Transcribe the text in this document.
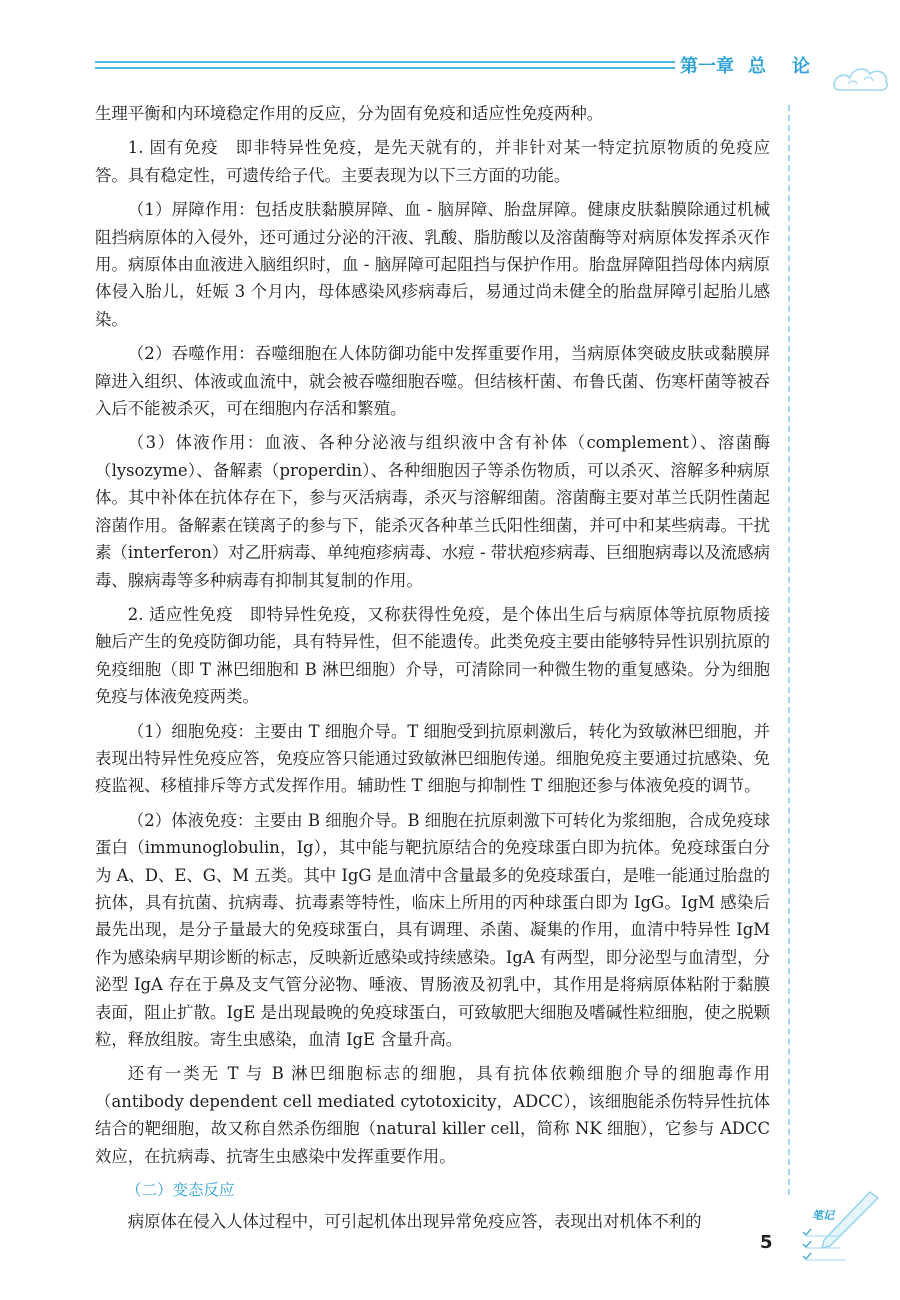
第一章 总 论

生理平衡和内环境稳定作用的反应，分为固有免疫和适应性免疫两种。

1. 固有免疫　即非特异性免疫，是先天就有的，并非针对某一特定抗原物质的免疫应答。具有稳定性，可遗传给子代。主要表现为以下三方面的功能。

（1）屏障作用：包括皮肤黏膜屏障、血 - 脑屏障、胎盘屏障。健康皮肤黏膜除通过机械阻挡病原体的入侵外，还可通过分泌的汗液、乳酸、脂肪酸以及溶菌酶等对病原体发挥杀灭作用。病原体由血液进入脑组织时，血 - 脑屏障可起阻挡与保护作用。胎盘屏障阻挡母体内病原体侵入胎儿，妊娠 3 个月内，母体感染风疹病毒后，易通过尚未健全的胎盘屏障引起胎儿感染。

（2）吞噬作用：吞噬细胞在人体防御功能中发挥重要作用，当病原体突破皮肤或黏膜屏障进入组织、体液或血流中，就会被吞噬细胞吞噬。但结核杆菌、布鲁氏菌、伤寒杆菌等被吞入后不能被杀灭，可在细胞内存活和繁殖。

（3）体液作用：血液、各种分泌液与组织液中含有补体（complement）、溶菌酶（lysozyme）、备解素（properdin）、各种细胞因子等杀伤物质，可以杀灭、溶解多种病原体。其中补体在抗体存在下，参与灭活病毒，杀灭与溶解细菌。溶菌酶主要对革兰氏阴性菌起溶菌作用。备解素在镁离子的参与下，能杀灭各种革兰氏阳性细菌，并可中和某些病毒。干扰素（interferon）对乙肝病毒、单纯疱疹病毒、水痘 - 带状疱疹病毒、巨细胞病毒以及流感病毒、腺病毒等多种病毒有抑制其复制的作用。

2. 适应性免疫　即特异性免疫，又称获得性免疫，是个体出生后与病原体等抗原物质接触后产生的免疫防御功能，具有特异性，但不能遗传。此类免疫主要由能够特异性识别抗原的免疫细胞（即 T 淋巴细胞和 B 淋巴细胞）介导，可清除同一种微生物的重复感染。分为细胞免疫与体液免疫两类。

（1）细胞免疫：主要由 T 细胞介导。T 细胞受到抗原刺激后，转化为致敏淋巴细胞，并表现出特异性免疫应答，免疫应答只能通过致敏淋巴细胞传递。细胞免疫主要通过抗感染、免疫监视、移植排斥等方式发挥作用。辅助性 T 细胞与抑制性 T 细胞还参与体液免疫的调节。

（2）体液免疫：主要由 B 细胞介导。B 细胞在抗原刺激下可转化为浆细胞，合成免疫球蛋白（immunoglobulin，Ig），其中能与靶抗原结合的免疫球蛋白即为抗体。免疫球蛋白分为 A、D、E、G、M 五类。其中 IgG 是血清中含量最多的免疫球蛋白，是唯一能通过胎盘的抗体，具有抗菌、抗病毒、抗毒素等特性，临床上所用的丙种球蛋白即为 IgG。IgM 感染后最先出现，是分子量最大的免疫球蛋白，具有调理、杀菌、凝集的作用，血清中特异性 IgM 作为感染病早期诊断的标志，反映新近感染或持续感染。IgA 有两型，即分泌型与血清型，分泌型 IgA 存在于鼻及支气管分泌物、唾液、胃肠液及初乳中，其作用是将病原体粘附于黏膜表面，阻止扩散。IgE 是出现最晚的免疫球蛋白，可致敏肥大细胞及嗜碱性粒细胞，使之脱颗粒，释放组胺。寄生虫感染，血清 IgE 含量升高。

还有一类无 T 与 B 淋巴细胞标志的细胞，具有抗体依赖细胞介导的细胞毒作用（antibody dependent cell mediated cytotoxicity，ADCC），该细胞能杀伤特异性抗体结合的靶细胞，故又称自然杀伤细胞（natural killer cell，简称 NK 细胞），它参与 ADCC 效应，在抗病毒、抗寄生虫感染中发挥重要作用。

（二）变态反应

病原体在侵入人体过程中，可引起机体出现异常免疫应答，表现出对机体不利的	笔记
5
